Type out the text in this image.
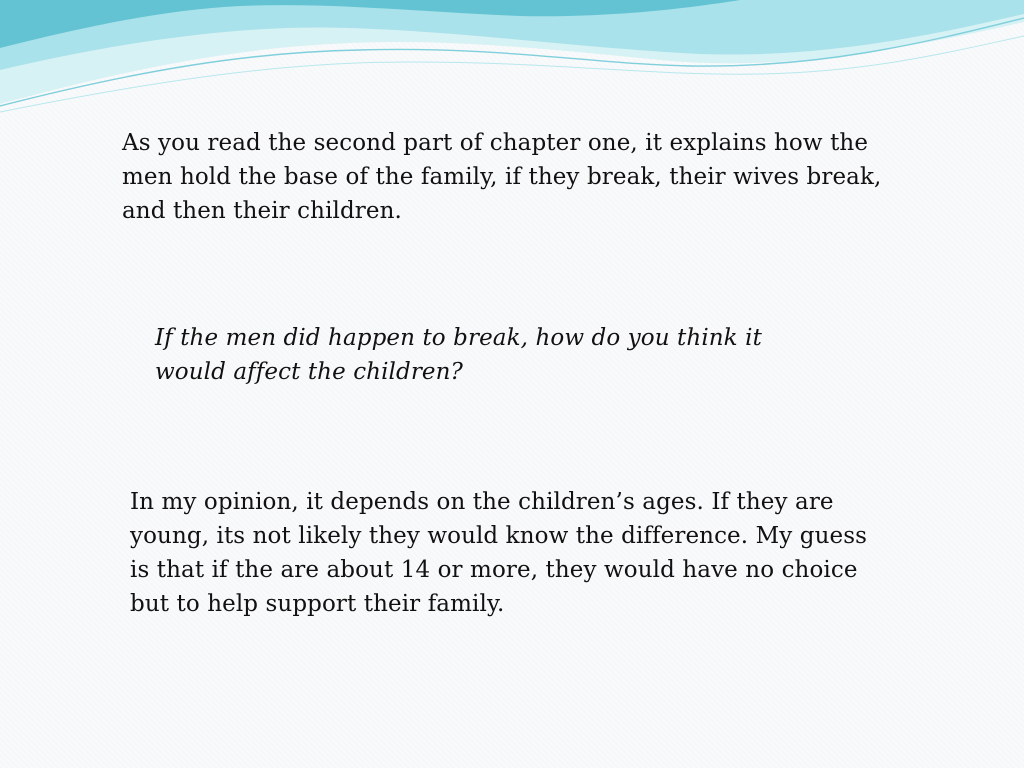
As you read the second part of chapter one, it explains how the men hold the base of the family, if they break, their wives break, and then their children.

If the men did happen to break, how do you think it would affect the children?

In my opinion, it depends on the children’s ages. If they are young, its not likely they would know the difference. My guess is that if the are about 14 or more, they would have no choice but to help support their family.
